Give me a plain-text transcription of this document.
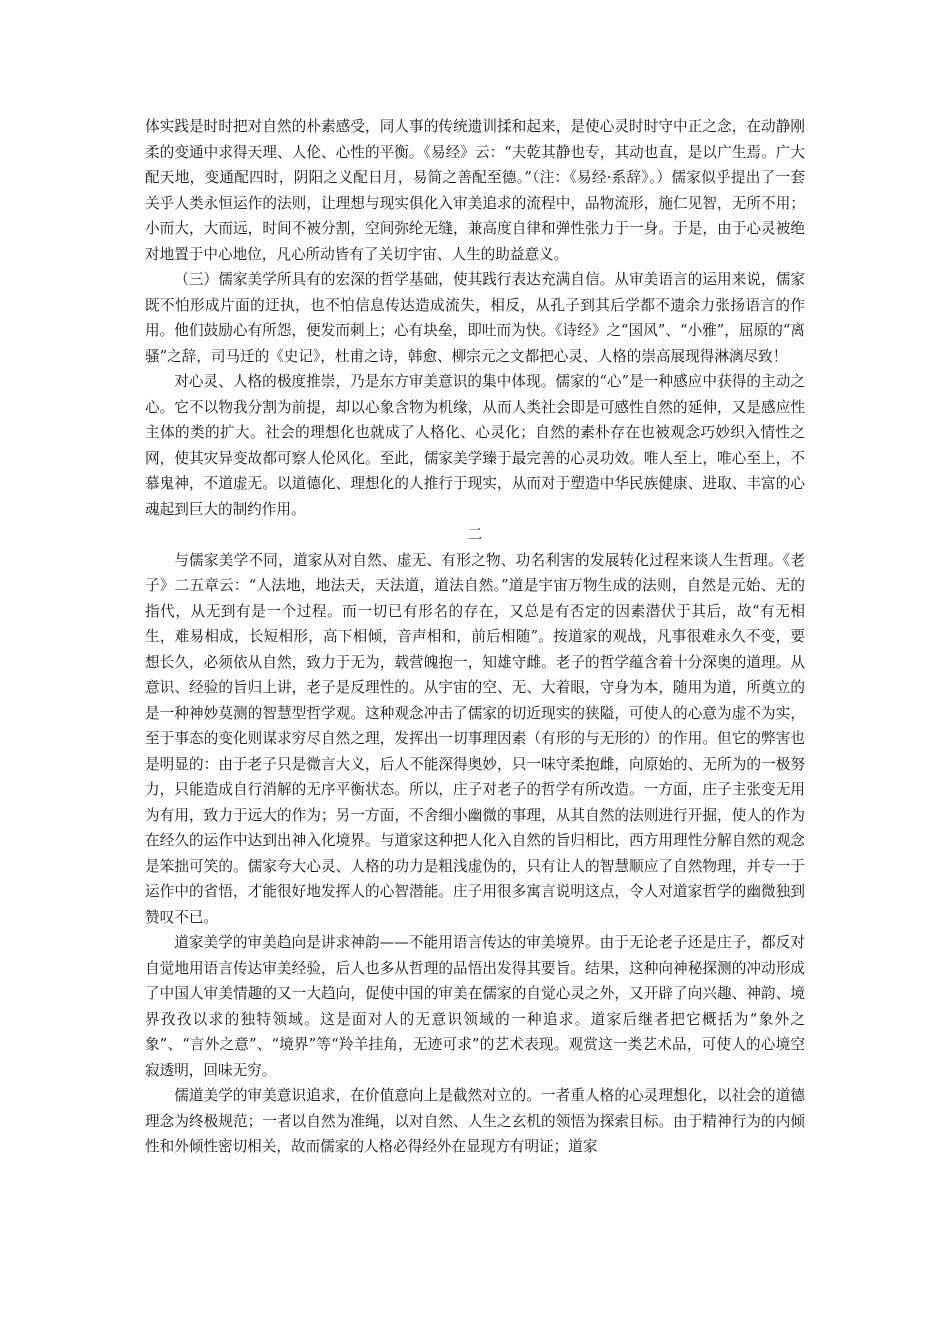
体实践是时时把对自然的朴素感受，同人事的传统遗训揉和起来，是使心灵时时守中正之念，在动静刚柔的变通中求得天理、人伦、心性的平衡。《易经》云：“夫乾其静也专，其动也直，是以广生焉。广大配天地，变通配四时，阴阳之义配日月，易简之善配至德。”（注：《易经·系辞》。）儒家似乎提出了一套关乎人类永恒运作的法则，让理想与现实俱化入审美追求的流程中，品物流形，施仁见智，无所不用；小而大，大而远，时间不被分割，空间弥纶无缝，兼高度自律和弹性张力于一身。于是，由于心灵被绝对地置于中心地位，凡心所动皆有了关切宇宙、人生的助益意义。

（三）儒家美学所具有的宏深的哲学基础，使其践行表达充满自信。从审美语言的运用来说，儒家既不怕形成片面的迂执，也不怕信息传达造成流失，相反，从孔子到其后学都不遗余力张扬语言的作用。他们鼓励心有所怨，便发而刺上；心有块垒，即吐而为快。《诗经》之“国风”、“小雅”，屈原的“离骚”之辞，司马迁的《史记》，杜甫之诗，韩愈、柳宗元之文都把心灵、人格的崇高展现得淋漓尽致！

对心灵、人格的极度推崇，乃是东方审美意识的集中体现。儒家的“心”是一种感应中获得的主动之心。它不以物我分割为前提，却以心象含物为机缘，从而人类社会即是可感性自然的延伸，又是感应性主体的类的扩大。社会的理想化也就成了人格化、心灵化；自然的素朴存在也被观念巧妙织入情性之网，使其灾异变故都可察人伦风化。至此，儒家美学臻于最完善的心灵功效。唯人至上，唯心至上，不慕鬼神，不道虚无。以道德化、理想化的人推行于现实，从而对于塑造中华民族健康、进取、丰富的心魂起到巨大的制约作用。

二

与儒家美学不同，道家从对自然、虚无、有形之物、功名利害的发展转化过程来谈人生哲理。《老子》二五章云：“人法地，地法天，天法道，道法自然。”道是宇宙万物生成的法则，自然是元始、无的指代，从无到有是一个过程。而一切已有形名的存在，又总是有否定的因素潜伏于其后，故“有无相生，难易相成，长短相形，高下相倾，音声相和，前后相随”。按道家的观战，凡事很难永久不变，要想长久，必须依从自然，致力于无为，载营魄抱一，知雄守雌。老子的哲学蕴含着十分深奥的道理。从意识、经验的旨归上讲，老子是反理性的。从宇宙的空、无、大着眼，守身为本，随用为道，所奠立的是一种神妙莫测的智慧型哲学观。这种观念冲击了儒家的切近现实的狭隘，可使人的心意为虚不为实，至于事态的变化则谋求穷尽自然之理，发挥出一切事理因素（有形的与无形的）的作用。但它的弊害也是明显的：由于老子只是微言大义，后人不能深得奥妙，只一味守柔抱雌，向原始的、无所为的一极努力，只能造成自行消解的无序平衡状态。所以，庄子对老子的哲学有所改造。一方面，庄子主张变无用为有用，致力于远大的作为；另一方面，不舍细小幽微的事理，从其自然的法则进行开掘，使人的作为在经久的运作中达到出神入化境界。与道家这种把人化入自然的旨归相比，西方用理性分解自然的观念是笨拙可笑的。儒家夸大心灵、人格的功力是粗浅虚伪的，只有让人的智慧顺应了自然物理，并专一于运作中的省悟，才能很好地发挥人的心智潜能。庄子用很多寓言说明这点，令人对道家哲学的幽微独到赞叹不已。

道家美学的审美趋向是讲求神韵——不能用语言传达的审美境界。由于无论老子还是庄子，都反对自觉地用语言传达审美经验，后人也多从哲理的品悟出发得其要旨。结果，这种向神秘探测的冲动形成了中国人审美情趣的又一大趋向，促使中国的审美在儒家的自觉心灵之外，又开辟了向兴趣、神韵、境界孜孜以求的独特领域。这是面对人的无意识领域的一种追求。道家后继者把它概括为“象外之象”、“言外之意”、“境界”等“羚羊挂角，无迹可求”的艺术表现。观赏这一类艺术品，可使人的心境空寂透明，回味无穷。

儒道美学的审美意识追求，在价值意向上是截然对立的。一者重人格的心灵理想化，以社会的道德理念为终极规范；一者以自然为准绳，以对自然、人生之玄机的领悟为探索目标。由于精神行为的内倾性和外倾性密切相关，故而儒家的人格必得经外在显现方有明证；道家
